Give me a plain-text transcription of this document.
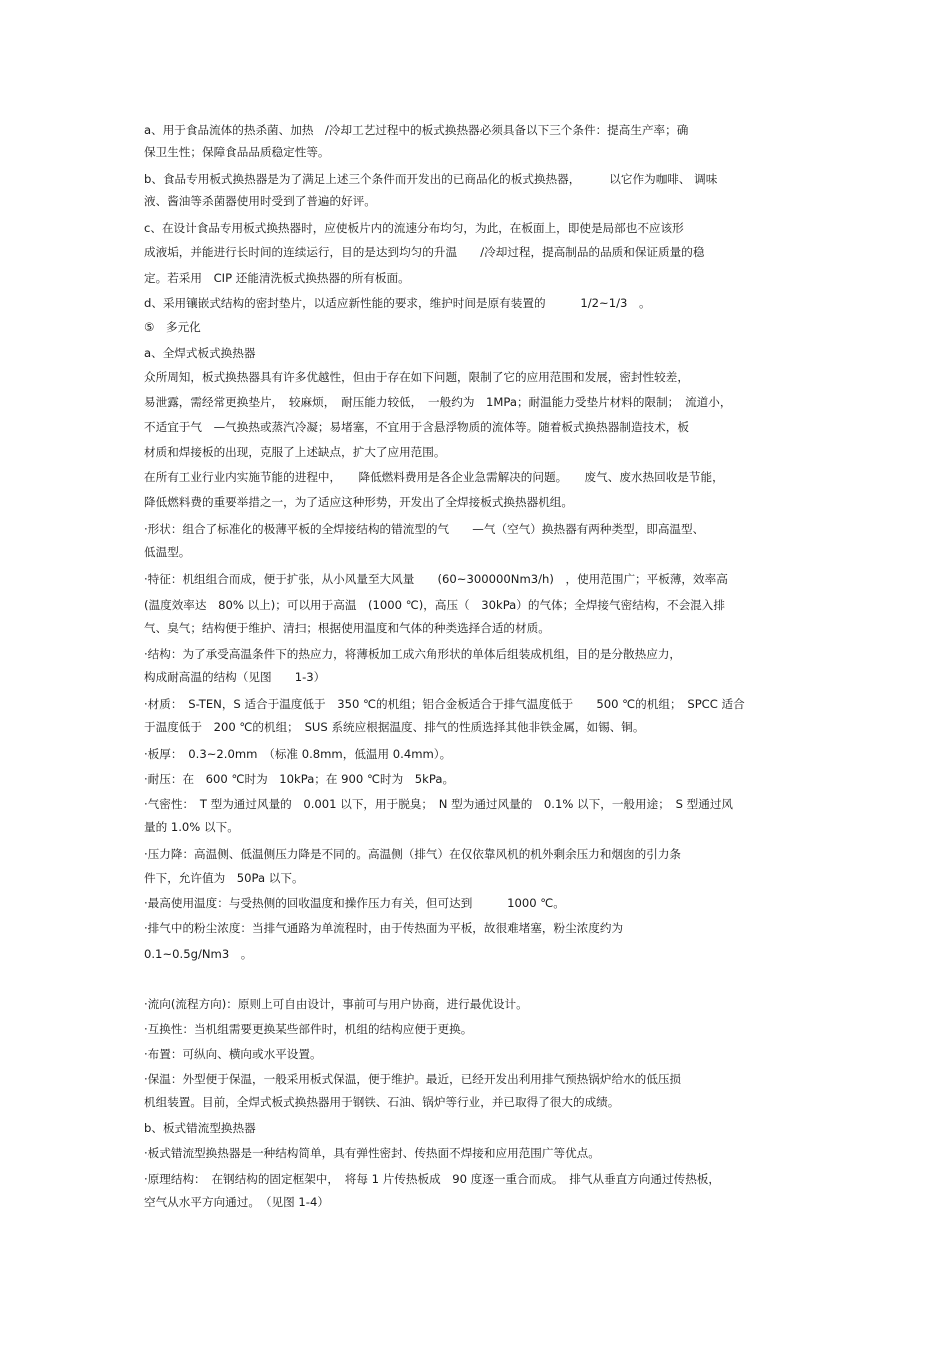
a、用于食品流体的热杀菌、加热　/冷却工艺过程中的板式换热器必须具备以下三个条件：提高生产率；确
保卫生性；保障食品品质稳定性等。
b、食品专用板式换热器是为了满足上述三个条件而开发出的已商品化的板式换热器，　　　以它作为咖啡、 调味
液、酱油等杀菌器使用时受到了普遍的好评。
c、在设计食品专用板式换热器时，应使板片内的流速分布均匀，为此，在板面上，即使是局部也不应该形
成液垢，并能进行长时间的连续运行，目的是达到均匀的升温　　/冷却过程，提高制品的品质和保证质量的稳
定。若采用　CIP 还能清洗板式换热器的所有板面。
d、采用镶嵌式结构的密封垫片，以适应新性能的要求，维护时间是原有装置的　　　1/2~1/3　。
⑤　多元化
a、全焊式板式换热器
众所周知，板式换热器具有许多优越性，但由于存在如下问题，限制了它的应用范围和发展，密封性较差，
易泄露，需经常更换垫片，　较麻烦，　耐压能力较低，　一般约为　1MPa；耐温能力受垫片材料的限制；　流道小，
不适宜于气　—气换热或蒸汽冷凝；易堵塞，不宜用于含悬浮物质的流体等。随着板式换热器制造技术，板
材质和焊接板的出现，克服了上述缺点，扩大了应用范围。
在所有工业行业内实施节能的进程中，　　降低燃料费用是各企业急需解决的问题。　　废气、废水热回收是节能，
降低燃料费的重要举措之一，为了适应这种形势，开发出了全焊接板式换热器机组。
·形状：组合了标准化的极薄平板的全焊接结构的错流型的气　　—气（空气）换热器有两种类型，即高温型、
低温型。
·特征：机组组合而成，便于扩张，从小风量至大风量　　(60~300000Nm3/h)　，使用范围广；平板薄，效率高
(温度效率达　80% 以上)；可以用于高温　(1000 ℃)，高压（　30kPa）的气体；全焊接气密结构，不会混入排
气、臭气；结构便于维护、清扫；根据使用温度和气体的种类选择合适的材质。
·结构：为了承受高温条件下的热应力，将薄板加工成六角形状的单体后组装成机组，目的是分散热应力，
构成耐高温的结构（见图　　1-3）
·材质：　S-TEN，S 适合于温度低于　350 ℃的机组；铝合金板适合于排气温度低于　　500 ℃的机组；　SPCC 适合
于温度低于　200 ℃的机组；　SUS 系统应根据温度、排气的性质选择其他非铁金属，如锡、铜。
·板厚：　0.3~2.0mm　（标准 0.8mm，低温用 0.4mm）。
·耐压：在　600 ℃时为　10kPa；在 900 ℃时为　5kPa。
·气密性：　T 型为通过风量的　0.001 以下，用于脱臭；　N 型为通过风量的　0.1% 以下，一般用途；　S 型通过风
量的 1.0% 以下。
·压力降：高温侧、低温侧压力降是不同的。高温侧（排气）在仅依靠风机的机外剩余压力和烟囱的引力条
件下，允许值为　50Pa 以下。
·最高使用温度：与受热侧的回收温度和操作压力有关，但可达到　　　1000 ℃。
·排气中的粉尘浓度：当排气通路为单流程时，由于传热面为平板，故很难堵塞，粉尘浓度约为
0.1~0.5g/Nm3　。
·流向(流程方向)：原则上可自由设计，事前可与用户协商，进行最优设计。
·互换性：当机组需要更换某些部件时，机组的结构应便于更换。
·布置：可纵向、横向或水平设置。
·保温：外型便于保温，一般采用板式保温，便于维护。最近，已经开发出利用排气预热锅炉给水的低压损
机组装置。目前，全焊式板式换热器用于钢铁、石油、锅炉等行业，并已取得了很大的成绩。
b、板式错流型换热器
·板式错流型换热器是一种结构简单，具有弹性密封、传热面不焊接和应用范围广等优点。
·原理结构：　在钢结构的固定框架中，　将每 1 片传热板成　90 度逐一重合而成。　排气从垂直方向通过传热板，
空气从水平方向通过。　（见图 1-4）
